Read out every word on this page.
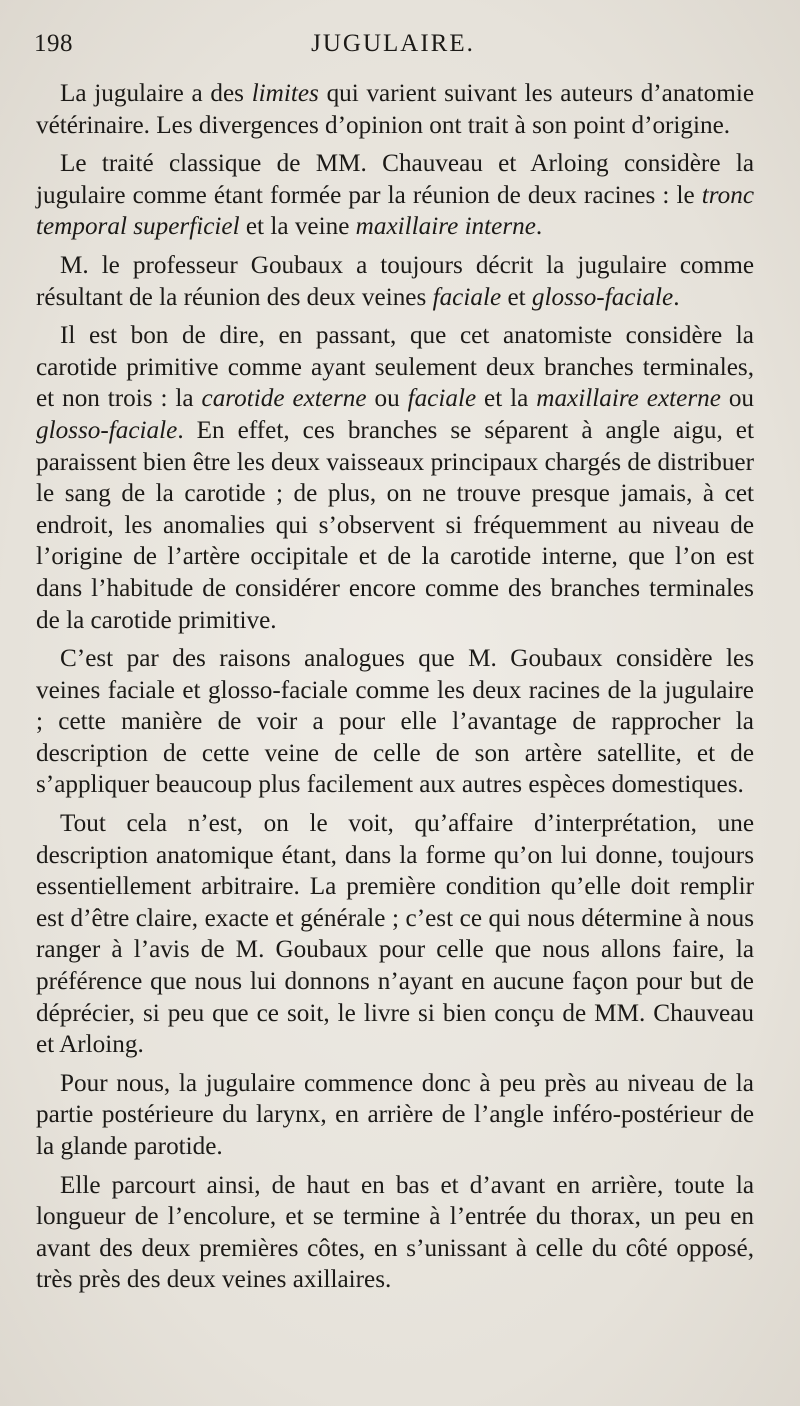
198	JUGULAIRE.

La jugulaire a des limites qui varient suivant les auteurs d’anatomie vétérinaire. Les divergences d’opinion ont trait à son point d’origine.

Le traité classique de MM. Chauveau et Arloing considère la jugulaire comme étant formée par la réunion de deux racines : le tronc temporal superficiel et la veine maxillaire interne.

M. le professeur Goubaux a toujours décrit la jugulaire comme résultant de la réunion des deux veines faciale et glosso-faciale.

Il est bon de dire, en passant, que cet anatomiste considère la carotide primitive comme ayant seulement deux branches terminales, et non trois : la carotide externe ou faciale et la maxillaire externe ou glosso-faciale. En effet, ces branches se séparent à angle aigu, et paraissent bien être les deux vaisseaux principaux chargés de distribuer le sang de la carotide ; de plus, on ne trouve presque jamais, à cet endroit, les anomalies qui s’observent si fréquemment au niveau de l’origine de l’artère occipitale et de la carotide interne, que l’on est dans l’habitude de considérer encore comme des branches terminales de la carotide primitive.

C’est par des raisons analogues que M. Goubaux considère les veines faciale et glosso-faciale comme les deux racines de la jugulaire ; cette manière de voir a pour elle l’avantage de rapprocher la description de cette veine de celle de son artère satellite, et de s’appliquer beaucoup plus facilement aux autres espèces domestiques.

Tout cela n’est, on le voit, qu’affaire d’interprétation, une description anatomique étant, dans la forme qu’on lui donne, toujours essentiellement arbitraire. La première condition qu’elle doit remplir est d’être claire, exacte et générale ; c’est ce qui nous détermine à nous ranger à l’avis de M. Goubaux pour celle que nous allons faire, la préférence que nous lui donnons n’ayant en aucune façon pour but de déprécier, si peu que ce soit, le livre si bien conçu de MM. Chauveau et Arloing.

Pour nous, la jugulaire commence donc à peu près au niveau de la partie postérieure du larynx, en arrière de l’angle inféro-postérieur de la glande parotide.

Elle parcourt ainsi, de haut en bas et d’avant en arrière, toute la longueur de l’encolure, et se termine à l’entrée du thorax, un peu en avant des deux premières côtes, en s’unissant à celle du côté opposé, très près des deux veines axillaires.
